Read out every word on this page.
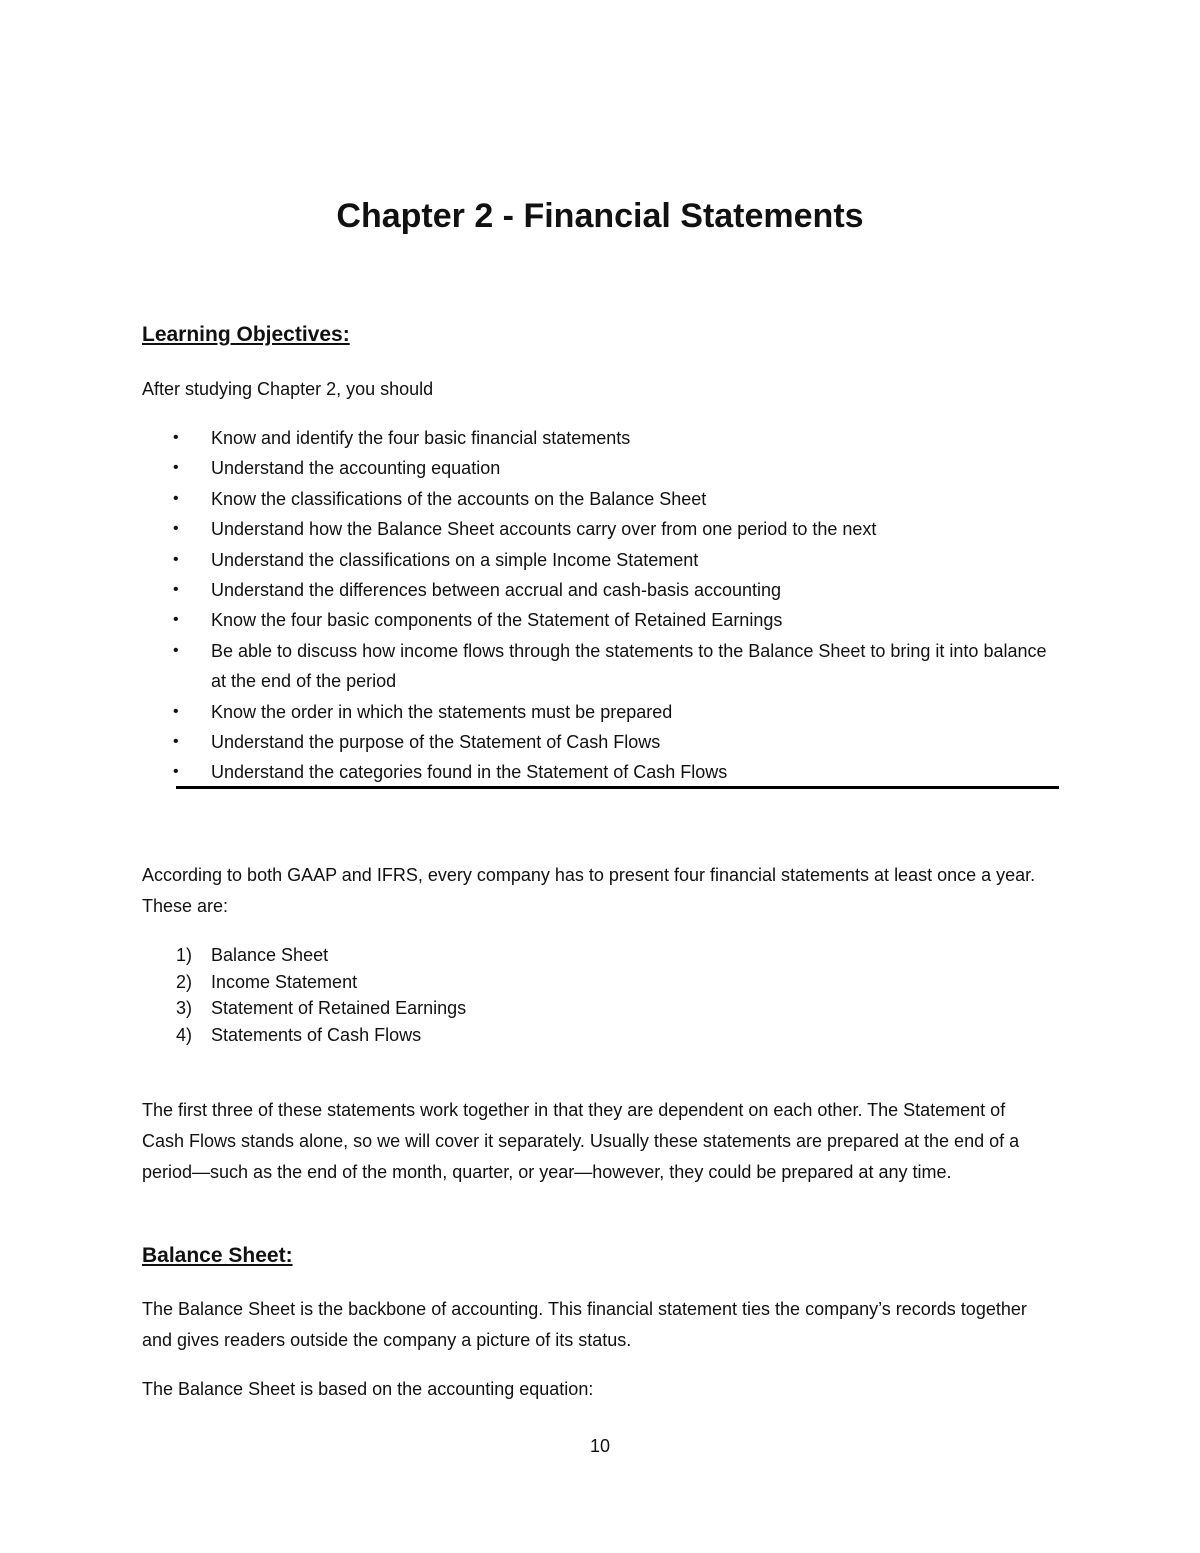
Chapter 2 - Financial Statements
Learning Objectives:

After studying Chapter 2, you should

• Know and identify the four basic financial statements
• Understand the accounting equation
• Know the classifications of the accounts on the Balance Sheet
• Understand how the Balance Sheet accounts carry over from one period to the next
• Understand the classifications on a simple Income Statement
• Understand the differences between accrual and cash-basis accounting
• Know the four basic components of the Statement of Retained Earnings
• Be able to discuss how income flows through the statements to the Balance Sheet to bring it into balance at the end of the period
• Know the order in which the statements must be prepared
• Understand the purpose of the Statement of Cash Flows
• Understand the categories found in the Statement of Cash Flows

According to both GAAP and IFRS, every company has to present four financial statements at least once a year. These are:

1) Balance Sheet
2) Income Statement
3) Statement of Retained Earnings
4) Statements of Cash Flows

The first three of these statements work together in that they are dependent on each other. The Statement of Cash Flows stands alone, so we will cover it separately. Usually these statements are prepared at the end of a period—such as the end of the month, quarter, or year—however, they could be prepared at any time.

Balance Sheet:

The Balance Sheet is the backbone of accounting. This financial statement ties the company’s records together and gives readers outside the company a picture of its status.

The Balance Sheet is based on the accounting equation:

10
